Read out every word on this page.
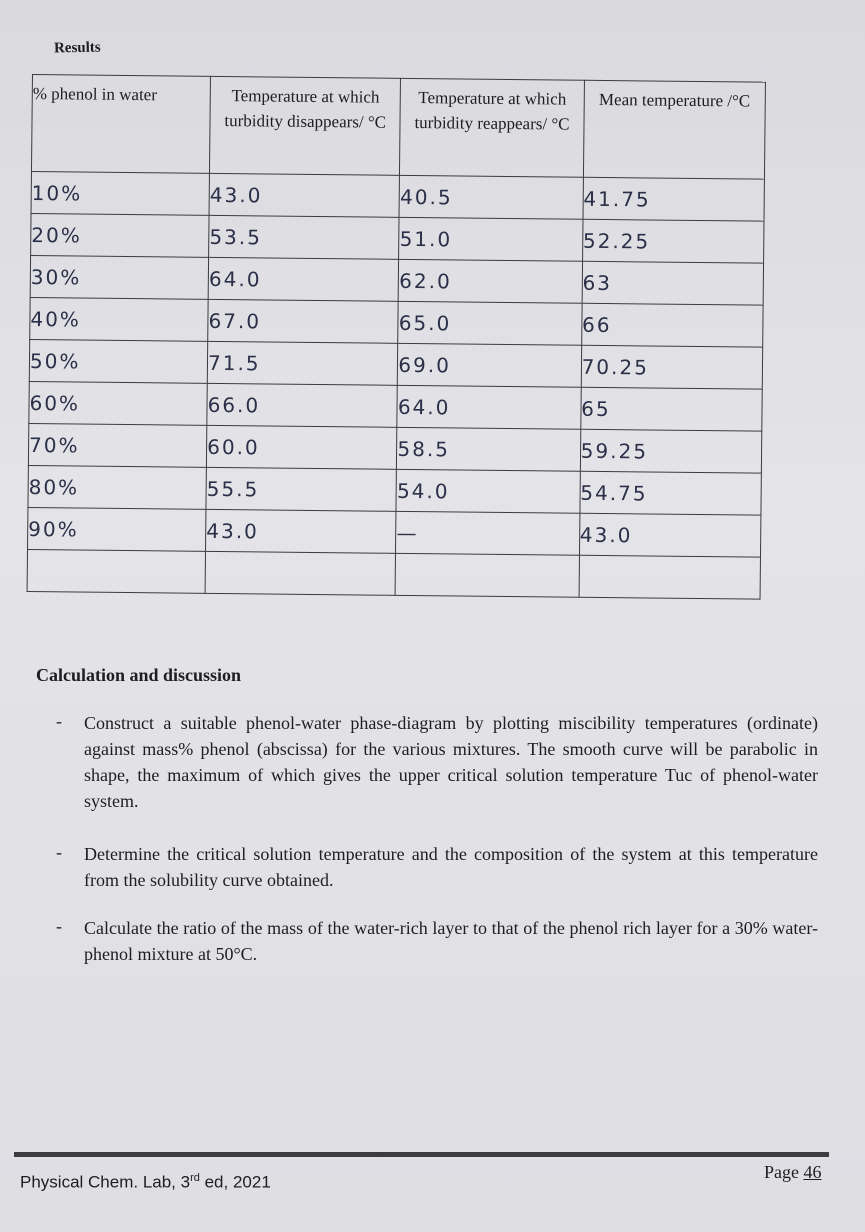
Results
% phenol in water	Temperature at which turbidity disappears/ °C	Temperature at which turbidity reappears/ °C	Mean temperature /°C
10%	43.0	40.5	41.75
20%	53.5	51.0	52.25
30%	64.0	62.0	63
40%	67.0	65.0	66
50%	71.5	69.0	70.25
60%	66.0	64.0	65
70%	60.0	58.5	59.25
80%	55.5	54.0	54.75
90%	43.0	—	43.0

Calculation and discussion
- Construct a suitable phenol-water phase-diagram by plotting miscibility temperatures (ordinate) against mass% phenol (abscissa) for the various mixtures. The smooth curve will be parabolic in shape, the maximum of which gives the upper critical solution temperature Tuc of phenol-water system.
- Determine the critical solution temperature and the composition of the system at this temperature from the solubility curve obtained.
- Calculate the ratio of the mass of the water-rich layer to that of the phenol rich layer for a 30% water-phenol mixture at 50°C.
Physical Chem. Lab, 3rd ed, 2021
Page 46
